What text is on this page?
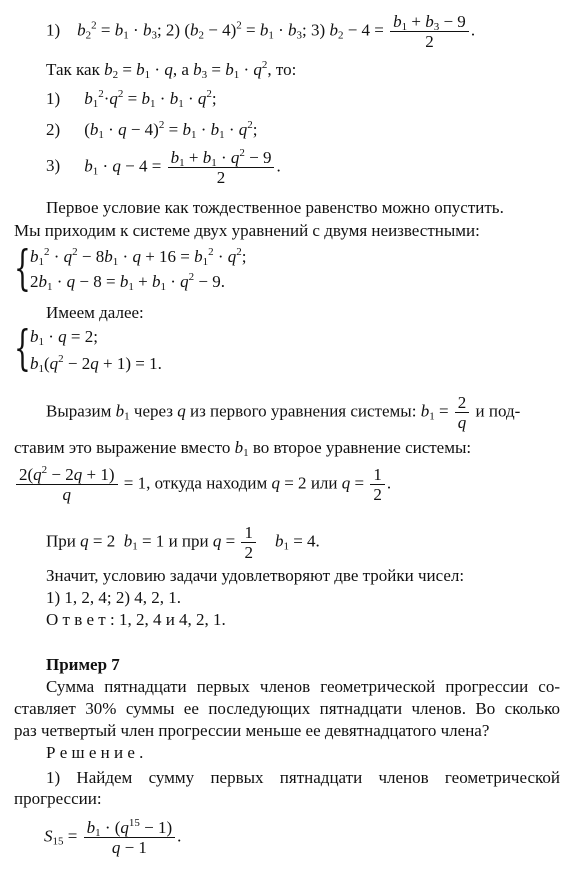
1) $b_2^2 = b_1 \cdot b_3$; 2) $(b_2 - 4)^2 = b_1 \cdot b_3$; 3) $b_2 - 4 = \frac{b_1 + b_3 - 9}{2}$ .
Так как $b_2 = b_1 \cdot q$, а $b_3 = b_1 \cdot q^2$, то:
1) $b_1^2\cdot q^2 = b_1 \cdot b_1 \cdot q^2$;
2) $(b_1 \cdot q - 4)^2 = b_1 \cdot b_1 \cdot q^2$;
3) $b_1 \cdot q - 4 = \frac{b_1 + b_1 \cdot q^2 - 9}{2}$ .
Первое условие как тождественное равенство можно опустить.
Мы приходим к системе двух уравнений с двумя неизвестными:
{ $b_1^2 \cdot q^2 - 8b_1 \cdot q + 16 = b_1^2 \cdot q^2$;
$2b_1 \cdot q - 8 = b_1 + b_1 \cdot q^2 - 9$.
Имеем далее:
{ $b_1 \cdot q = 2$;
$b_1(q^2 - 2q + 1) = 1$.
Выразим $b_1$ через q из первого уравнения системы: $b_1 = \frac{2}{q}$ и под-
ставим это выражение вместо $b_1$ во второе уравнение системы:
$\frac{2(q^2 - 2q + 1)}{q} = 1$, откуда находим q = 2 или $q = \frac{1}{2}$ .
При q = 2  $b_1 = 1$ и при $q = \frac{1}{2} b_1 = 4$.
Значит, условию задачи удовлетворяют две тройки чисел:
1) 1, 2, 4; 2) 4, 2, 1.
О т в е т : 1, 2, 4 и 4, 2, 1.
Пример 7
Сумма пятнадцати первых членов геометрической прогрессии со-
ставляет 30% суммы ее последующих пятнадцати членов. Во сколько
раз четвертый член прогрессии меньше ее девятнадцатого члена?
Р е ш е н и е .
1) Найдем сумму первых пятнадцати членов геометрической
прогрессии:
$S_{15} = \frac{b_1 \cdot (q^{15} - 1)}{q - 1}$ .
